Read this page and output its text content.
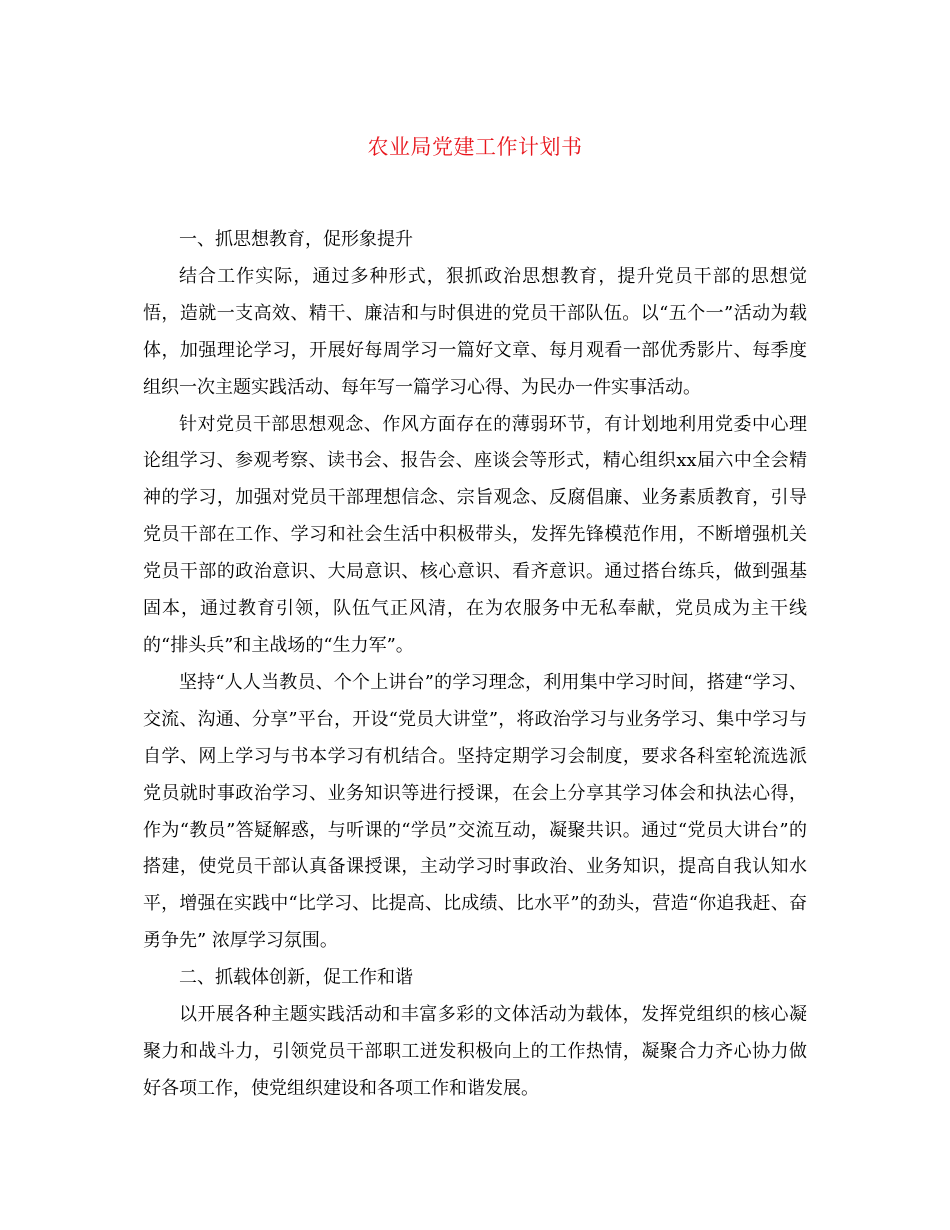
农业局党建工作计划书

一、抓思想教育，促形象提升

结合工作实际，通过多种形式，狠抓政治思想教育，提升党员干部的思想觉悟，造就一支高效、精干、廉洁和与时俱进的党员干部队伍。以“五个一”活动为载体，加强理论学习，开展好每周学习一篇好文章、每月观看一部优秀影片、每季度组织一次主题实践活动、每年写一篇学习心得、为民办一件实事活动。

针对党员干部思想观念、作风方面存在的薄弱环节，有计划地利用党委中心理论组学习、参观考察、读书会、报告会、座谈会等形式，精心组织xx届六中全会精神的学习，加强对党员干部理想信念、宗旨观念、反腐倡廉、业务素质教育，引导党员干部在工作、学习和社会生活中积极带头，发挥先锋模范作用，不断增强机关党员干部的政治意识、大局意识、核心意识、看齐意识。通过搭台练兵，做到强基固本，通过教育引领，队伍气正风清，在为农服务中无私奉献，党员成为主干线的“排头兵”和主战场的“生力军”。

坚持“人人当教员、个个上讲台”的学习理念，利用集中学习时间，搭建“学习、交流、沟通、分享”平台，开设“党员大讲堂”，将政治学习与业务学习、集中学习与自学、网上学习与书本学习有机结合。坚持定期学习会制度，要求各科室轮流选派党员就时事政治学习、业务知识等进行授课，在会上分享其学习体会和执法心得，作为“教员”答疑解惑，与听课的“学员”交流互动，凝聚共识。通过“党员大讲台”的搭建，使党员干部认真备课授课，主动学习时事政治、业务知识，提高自我认知水平，增强在实践中“比学习、比提高、比成绩、比水平”的劲头，营造“你追我赶、奋勇争先” 浓厚学习氛围。

二、抓载体创新，促工作和谐

以开展各种主题实践活动和丰富多彩的文体活动为载体，发挥党组织的核心凝聚力和战斗力，引领党员干部职工迸发积极向上的工作热情，凝聚合力齐心协力做好各项工作，使党组织建设和各项工作和谐发展。
